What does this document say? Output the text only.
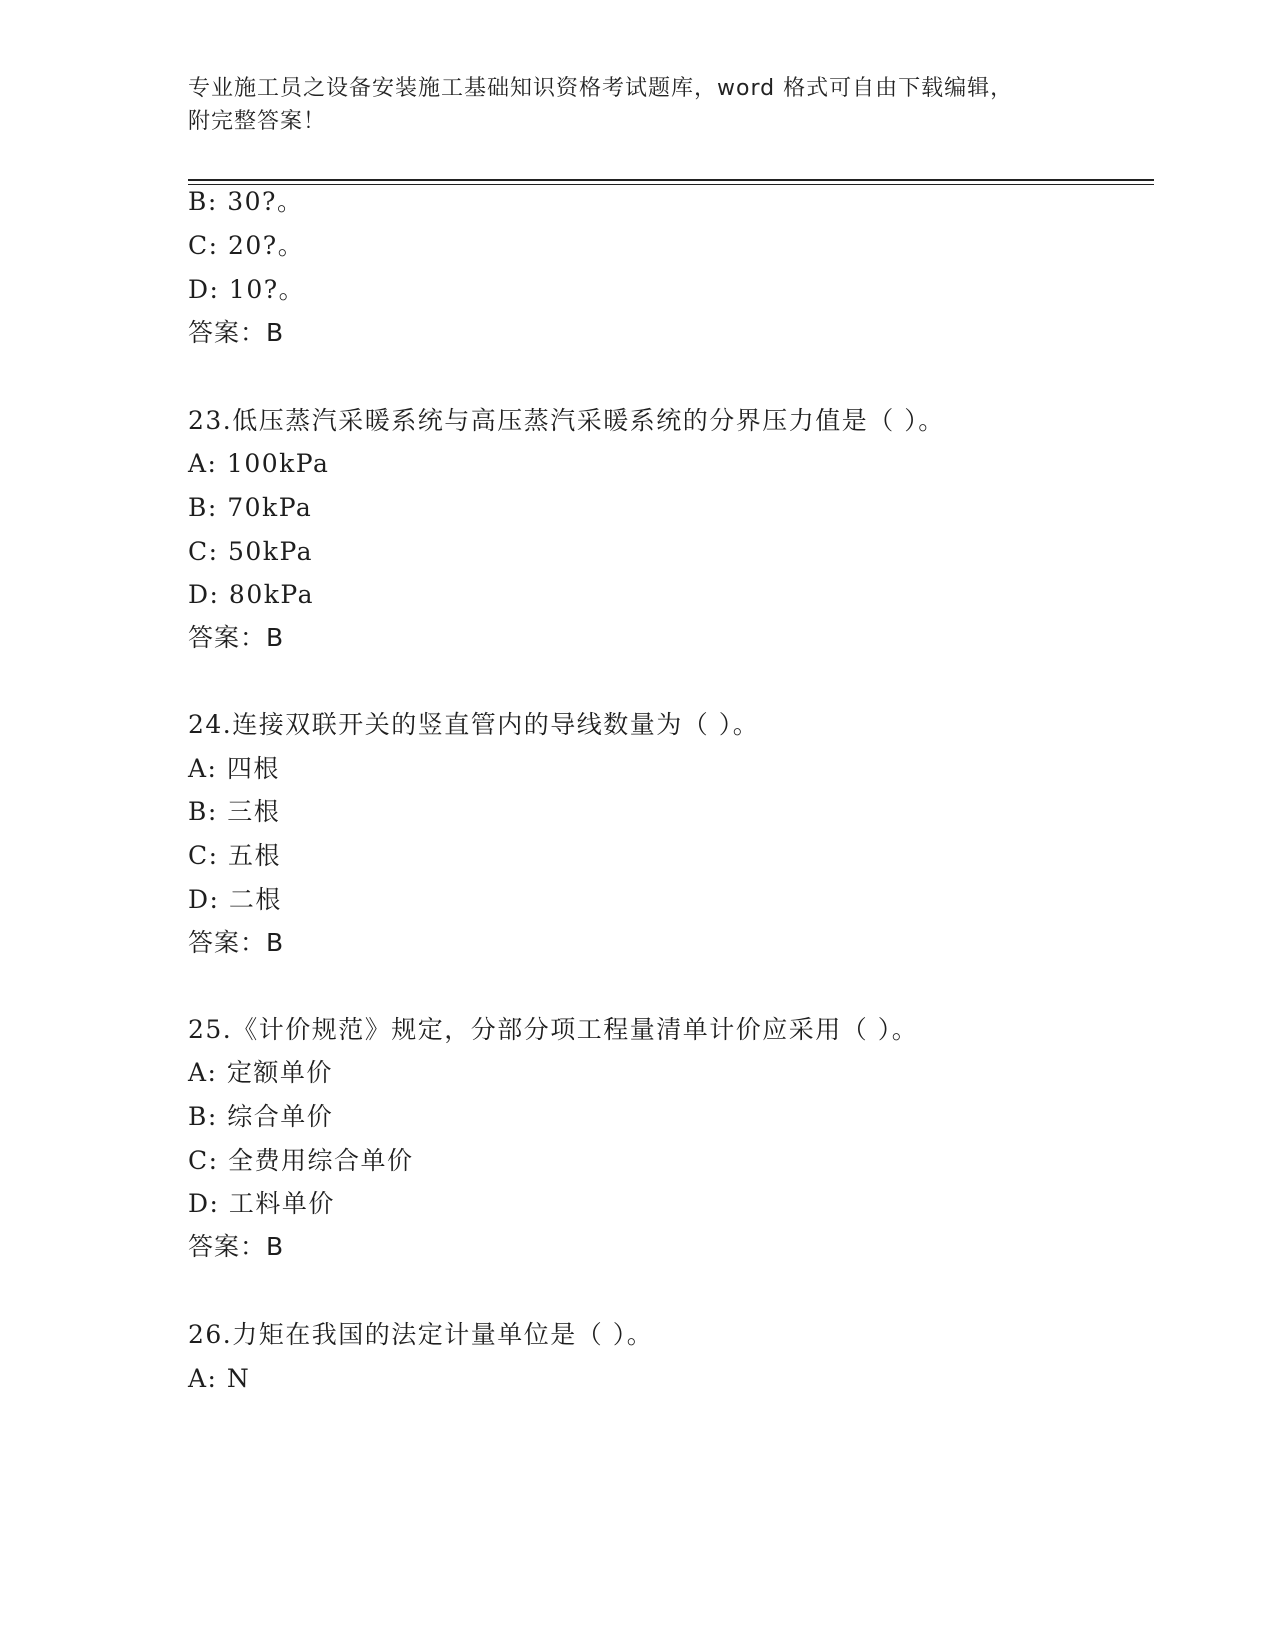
专业施工员之设备安装施工基础知识资格考试题库，word 格式可自由下载编辑，
附完整答案！
B: 30?。
C: 20?。
D: 10?。
答案：B
23.低压蒸汽采暖系统与高压蒸汽采暖系统的分界压力值是（ ）。
A: 100kPa
B: 70kPa
C: 50kPa
D: 80kPa
答案：B
24.连接双联开关的竖直管内的导线数量为（ ）。
A: 四根
B: 三根
C: 五根
D: 二根
答案：B
25.《计价规范》规定，分部分项工程量清单计价应采用（ ）。
A: 定额单价
B: 综合单价
C: 全费用综合单价
D: 工料单价
答案：B
26.力矩在我国的法定计量单位是（ ）。
A: N
